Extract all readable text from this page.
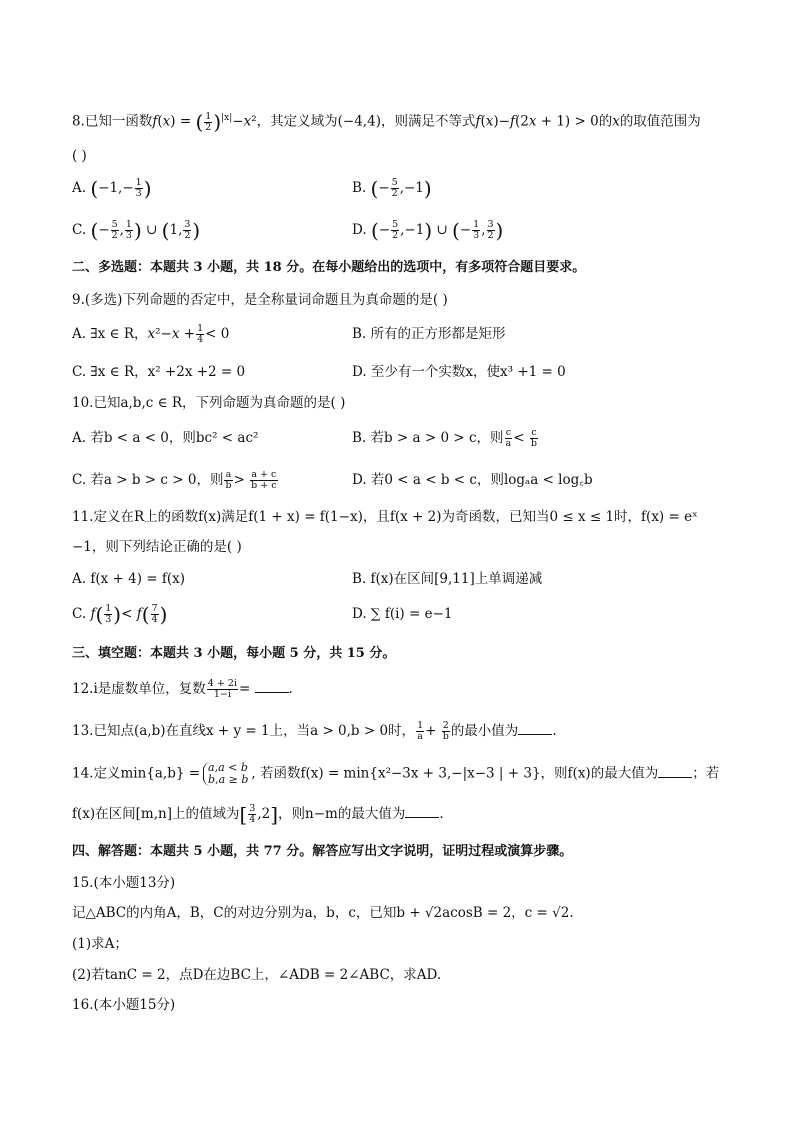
8.已知一函数f(x) = ( $\frac{1}{2} )^{|x|}-x^2$，其定义域为(−4,4)，则满足不等式f(x)−f(2x + 1) > 0的x的取值范围为
( )
A. ($-1,- \frac{1}{3}$ )	B. (− $\frac{5}{2} ,-1$)
C. (− $\frac{5}{2}$ , $\frac{1}{3}$ ) ∪ (1, $\frac{3}{2}$ )	D. (− $\frac{5}{2} ,-1$) ∪ (− $\frac{1}{3}$ , $\frac{3}{2}$ )
二、多选题：本题共 3 小题，共 18 分。在每小题给出的选项中，有多项符合题目要求。
9.(多选)下列命题的否定中，是全称量词命题且为真命题的是( )
A. ∃x ∈ R，$x^2-x + \frac{1}{4} < 0$	B. 所有的正方形都是矩形
C. ∃x ∈ R，x² +2x +2 = 0	D. 至少有一个实数x，使x³ +1 = 0
10.已知a,b,c ∈ R，下列命题为真命题的是( )
A. 若b < a < 0，则bc² < ac²	B. 若b > a > 0 > c，则 $\frac{c}{a} < \frac{c}{b}$
C. 若a > b > c > 0，则 $\frac{a}{b} > \frac{a + c}{b + c}$	D. 若0 < a < b < c，则logₐa < log꜀b
11.定义在R上的函数f(x)满足f(1 + x) = f(1−x)，且f(x + 2)为奇函数，已知当0 ≤ x ≤ 1时，f(x) = eˣ
−1，则下列结论正确的是( )
A. f(x + 4) = f(x)	B. f(x)在区间[9,11]上单调递减
C. $f( \frac{1}{3}$ )< $f( \frac{7}{4}$ )	D. ∑ f(i) = e−1
三、填空题：本题共 3 小题，每小题 5 分，共 15 分。
12.i是虚数单位，复数 $\frac{4 + 2i}{1-i}$ =	.
13.已知点(a,b)在直线x + y = 1上，当a > 0,b > 0时， $\frac{1}{a} + \frac{2}{b}$ 的最小值为	.
14.定义min{a,b} = a,a < b
b,a ≥ b , 若函数f(x) = min{x²−3x + 3,−|x−3 | + 3}，则f(x)的最大值为	；若
f(x)在区间[m,n]上的值域为[ $\frac{3}{4} ,2$]，则n−m的最大值为	.
四、解答题：本题共 5 小题，共 77 分。解答应写出文字说明，证明过程或演算步骤。
15.(本小题13分)
记△ABC的内角A，B，C的对边分别为a，b，c，已知b + √2acosB = 2，c = √2.
(1)求A；
(2)若tanC = 2，点D在边BC上，∠ADB = 2∠ABC，求AD.
16.(本小题15分)
